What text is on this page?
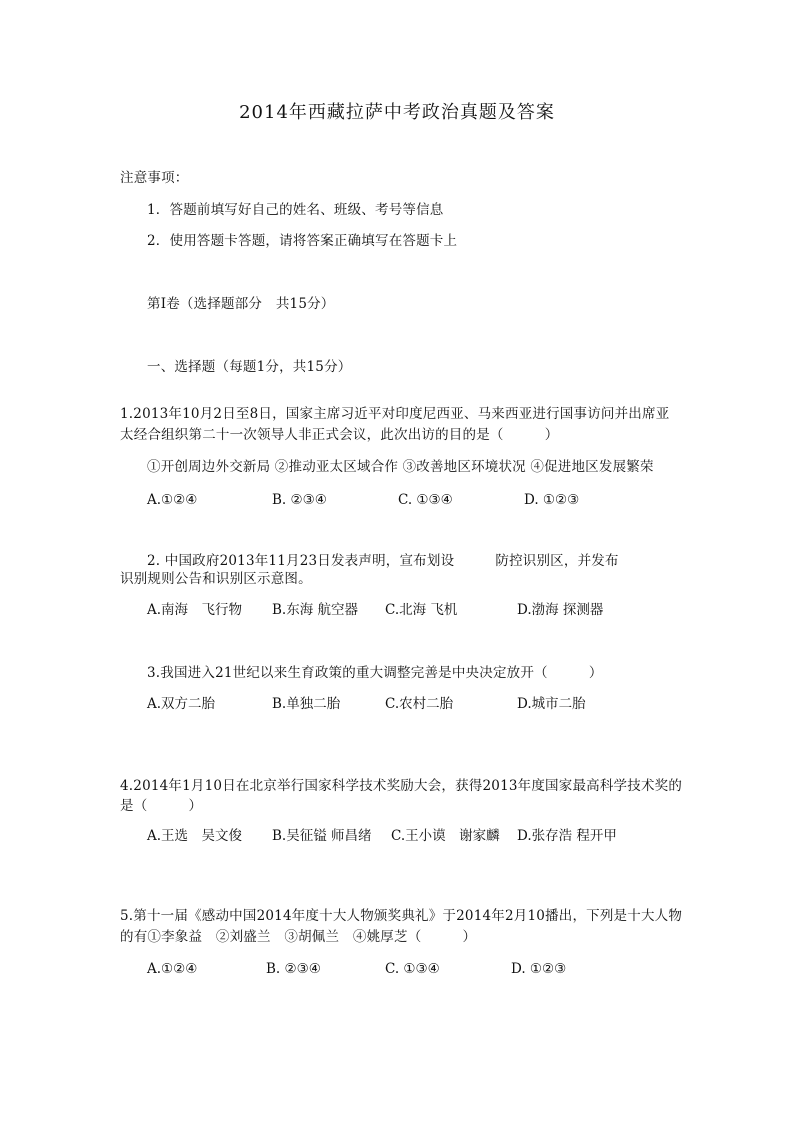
2014年西藏拉萨中考政治真题及答案
注意事项：
1．答题前填写好自己的姓名、班级、考号等信息
2．使用答题卡答题，请将答案正确填写在答题卡上
第I卷（选择题部分　共15分）
一、选择题（每题1分，共15分）
1.2013年10月2日至8日，国家主席习近平对印度尼西亚、马来西亚进行国事访问并出席亚
太经合组织第二十一次领导人非正式会议，此次出访的目的是（　　　）
①开创周边外交新局 ②推动亚太区域合作 ③改善地区环境状况 ④促进地区发展繁荣
A.①②④	B. ②③④	C. ①③④	D. ①②③
2. 中国政府2013年11月23日发表声明，宣布划设　　　防控识别区，并发布
识别规则公告和识别区示意图。
A.南海　飞行物 B.东海 航空器 C.北海 飞机	D.渤海 探测器
3.我国进入21世纪以来生育政策的重大调整完善是中央决定放开（　　　）
A.双方二胎	B.单独二胎	C.农村二胎	D.城市二胎
4.2014年1月10日在北京举行国家科学技术奖励大会，获得2013年度国家最高科学技术奖的
是（　　　）
A.王选　吴文俊 B.吴征镒 师昌绪 C.王小谟　谢家麟 D.张存浩 程开甲
5.第十一届《感动中国2014年度十大人物颁奖典礼》于2014年2月10播出，下列是十大人物
的有①李象益　②刘盛兰　③胡佩兰　④姚厚芝（　　　）
A.①②④	B. ②③④	C. ①③④	D. ①②③
